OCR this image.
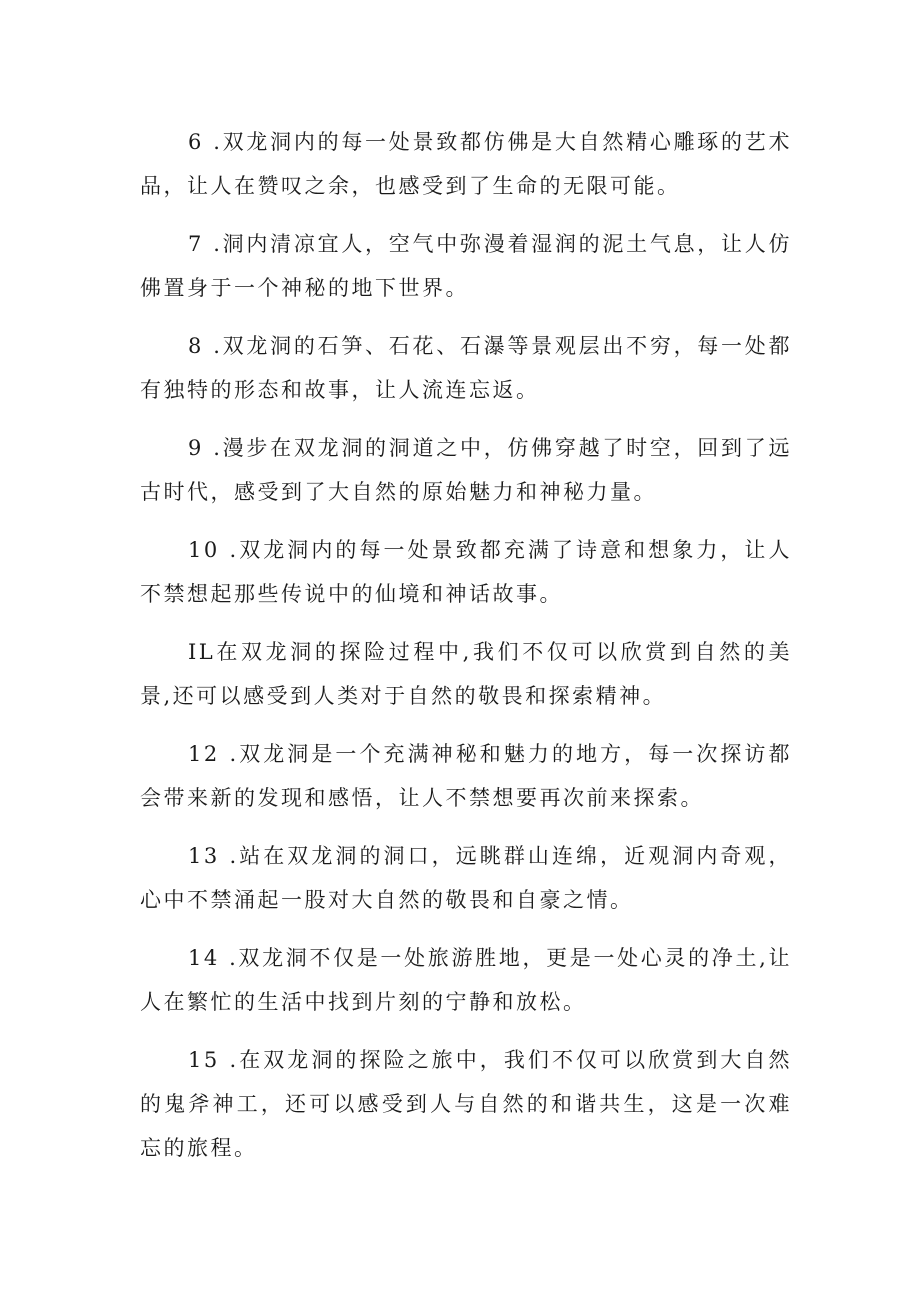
6 .双龙洞内的每一处景致都仿佛是大自然精心雕琢的艺术品，让人在赞叹之余，也感受到了生命的无限可能。

7 .洞内清凉宜人，空气中弥漫着湿润的泥土气息，让人仿佛置身于一个神秘的地下世界。

8 .双龙洞的石笋、石花、石瀑等景观层出不穷，每一处都有独特的形态和故事，让人流连忘返。

9 .漫步在双龙洞的洞道之中，仿佛穿越了时空，回到了远古时代，感受到了大自然的原始魅力和神秘力量。

10 .双龙洞内的每一处景致都充满了诗意和想象力，让人不禁想起那些传说中的仙境和神话故事。

IL在双龙洞的探险过程中,我们不仅可以欣赏到自然的美景,还可以感受到人类对于自然的敬畏和探索精神。

12 .双龙洞是一个充满神秘和魅力的地方，每一次探访都会带来新的发现和感悟，让人不禁想要再次前来探索。

13 .站在双龙洞的洞口，远眺群山连绵，近观洞内奇观，心中不禁涌起一股对大自然的敬畏和自豪之情。

14 .双龙洞不仅是一处旅游胜地，更是一处心灵的净土,让人在繁忙的生活中找到片刻的宁静和放松。

15 .在双龙洞的探险之旅中，我们不仅可以欣赏到大自然的鬼斧神工，还可以感受到人与自然的和谐共生，这是一次难忘的旅程。
